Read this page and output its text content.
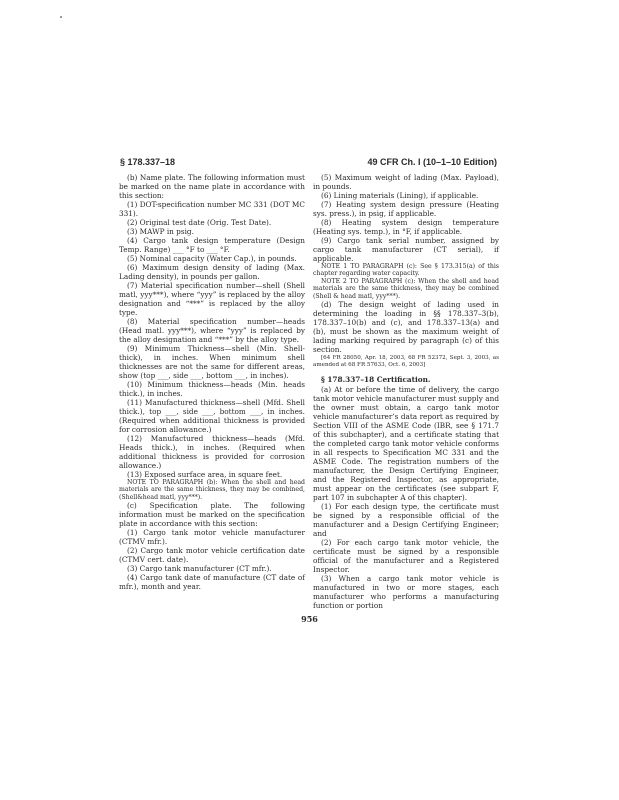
§ 178.337–18	49 CFR Ch. I (10–1–10 Edition)

(b) Name plate. The following information must be marked on the name plate in accordance with this section:

(1) DOT-specification number MC 331 (DOT MC 331).

(2) Original test date (Orig. Test Date).

(3) MAWP in psig.

(4) Cargo tank design temperature (Design Temp. Range) ___ °F to ___ °F.

(5) Nominal capacity (Water Cap.), in pounds.

(6) Maximum design density of lading (Max. Lading density), in pounds per gallon.

(7) Material specification number—shell (Shell matl, yyy***), where “yyy” is replaced by the alloy designation and “***” is replaced by the alloy type.

(8) Material specification number—heads (Head matl. yyy***), where “yyy” is replaced by the alloy designation and “***” by the alloy type.

(9) Minimum Thickness—shell (Min. Shell-thick), in inches. When minimum shell thicknesses are not the same for different areas, show (top ___, side ___, bottom ___, in inches).

(10) Minimum thickness—heads (Min. heads thick.), in inches.

(11) Manufactured thickness—shell (Mfd. Shell thick.), top ___, side ___, bottom ___, in inches. (Required when additional thickness is provided for corrosion allowance.)

(12) Manufactured thickness—heads (Mfd. Heads thick.), in inches. (Required when additional thickness is provided for corrosion allowance.)

(13) Exposed surface area, in square feet.

NOTE TO PARAGRAPH (b): When the shell and head materials are the same thickness, they may be combined, (Shell&head matl, yyy***).

(c) Specification plate. The following information must be marked on the specification plate in accordance with this section:

(1) Cargo tank motor vehicle manufacturer (CTMV mfr.).

(2) Cargo tank motor vehicle certification date (CTMV cert. date).

(3) Cargo tank manufacturer (CT mfr.).

(4) Cargo tank date of manufacture (CT date of mfr.), month and year.

(5) Maximum weight of lading (Max. Payload), in pounds.

(6) Lining materials (Lining), if applicable.

(7) Heating system design pressure (Heating sys. press.), in psig, if applicable.

(8) Heating system design temperature (Heating sys. temp.), in °F, if applicable.

(9) Cargo tank serial number, assigned by cargo tank manufacturer (CT serial), if applicable.

NOTE 1 TO PARAGRAPH (c): See § 173.315(a) of this chapter regarding water capacity.

NOTE 2 TO PARAGRAPH (c): When the shell and head materials are the same thickness, they may be combined (Shell & head matl, yyy***).

(d) The design weight of lading used in determining the loading in §§ 178.337–3(b), 178.337–10(b) and (c), and 178.337–13(a) and (b), must be shown as the maximum weight of lading marking required by paragraph (c) of this section.

[64 FR 28050, Apr. 18, 2003, 68 FR 52372, Sept. 3, 2003, as amended at 68 FR 57633, Oct. 6, 2003]

§ 178.337–18 Certification.

(a) At or before the time of delivery, the cargo tank motor vehicle manufacturer must supply and the owner must obtain, a cargo tank motor vehicle manufacturer’s data report as required by Section VIII of the ASME Code (IBR, see § 171.7 of this subchapter), and a certificate stating that the completed cargo tank motor vehicle conforms in all respects to Specification MC 331 and the ASME Code. The registration numbers of the manufacturer, the Design Certifying Engineer, and the Registered Inspector, as appropriate, must appear on the certificates (see subpart F, part 107 in subchapter A of this chapter).

(1) For each design type, the certificate must be signed by a responsible official of the manufacturer and a Design Certifying Engineer; and

(2) For each cargo tank motor vehicle, the certificate must be signed by a responsible official of the manufacturer and a Registered Inspector.

(3) When a cargo tank motor vehicle is manufactured in two or more stages, each manufacturer who performs a manufacturing function or portion

956
